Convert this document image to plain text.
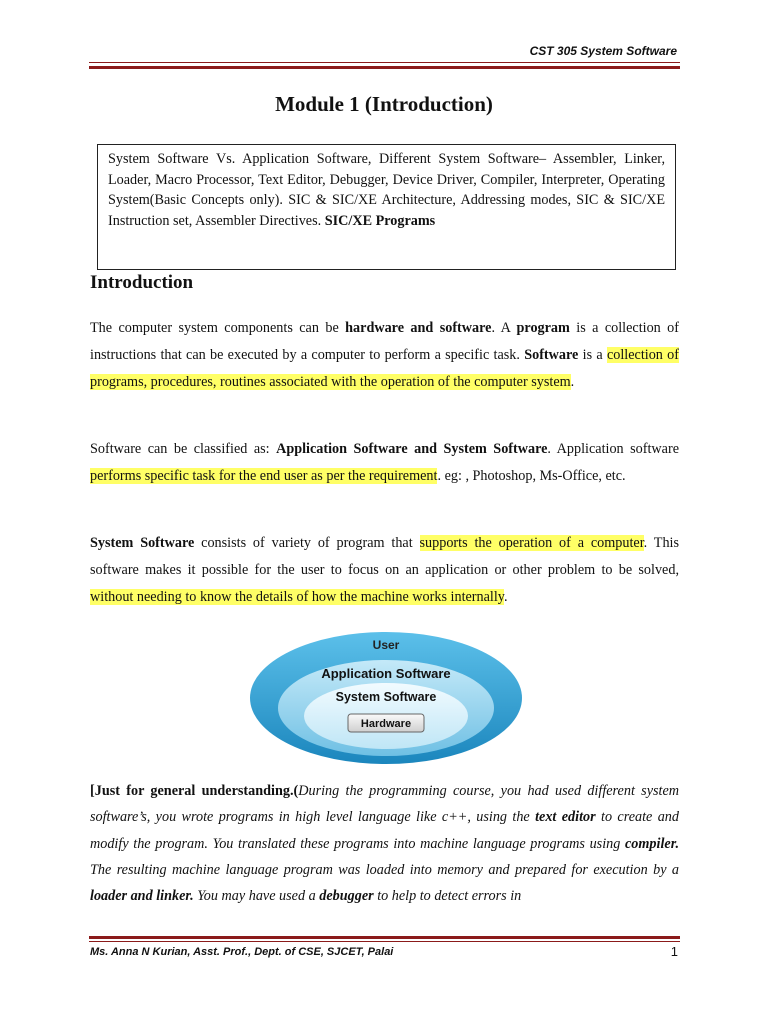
CST 305 System Software
Module 1 (Introduction)
System Software Vs. Application Software, Different System Software– Assembler, Linker, Loader, Macro Processor, Text Editor, Debugger, Device Driver, Compiler, Interpreter, Operating System(Basic Concepts only). SIC & SIC/XE Architecture, Addressing modes, SIC & SIC/XE Instruction set, Assembler Directives. SIC/XE Programs
Introduction
The computer system components can be hardware and software. A program is a collection of instructions that can be executed by a computer to perform a specific task. Software is a collection of programs, procedures, routines associated with the operation of the computer system.
Software can be classified as: Application Software and System Software. Application software performs specific task for the end user as per the requirement. eg: , Photoshop, Ms-Office, etc.
System Software consists of variety of program that supports the operation of a computer. This software makes it possible for the user to focus on an application or other problem to be solved, without needing to know the details of how the machine works internally.
User
Application Software
System Software
Hardware
[Just for general understanding.(During the programming course, you had used different system software’s, you wrote programs in high level language like c++, using the text editor to create and modify the program. You translated these programs into machine language programs using compiler. The resulting machine language program was loaded into memory and prepared for execution by a loader and linker. You may have used a debugger to help to detect errors in
Ms. Anna N Kurian, Asst. Prof., Dept. of CSE, SJCET, Palai	1
